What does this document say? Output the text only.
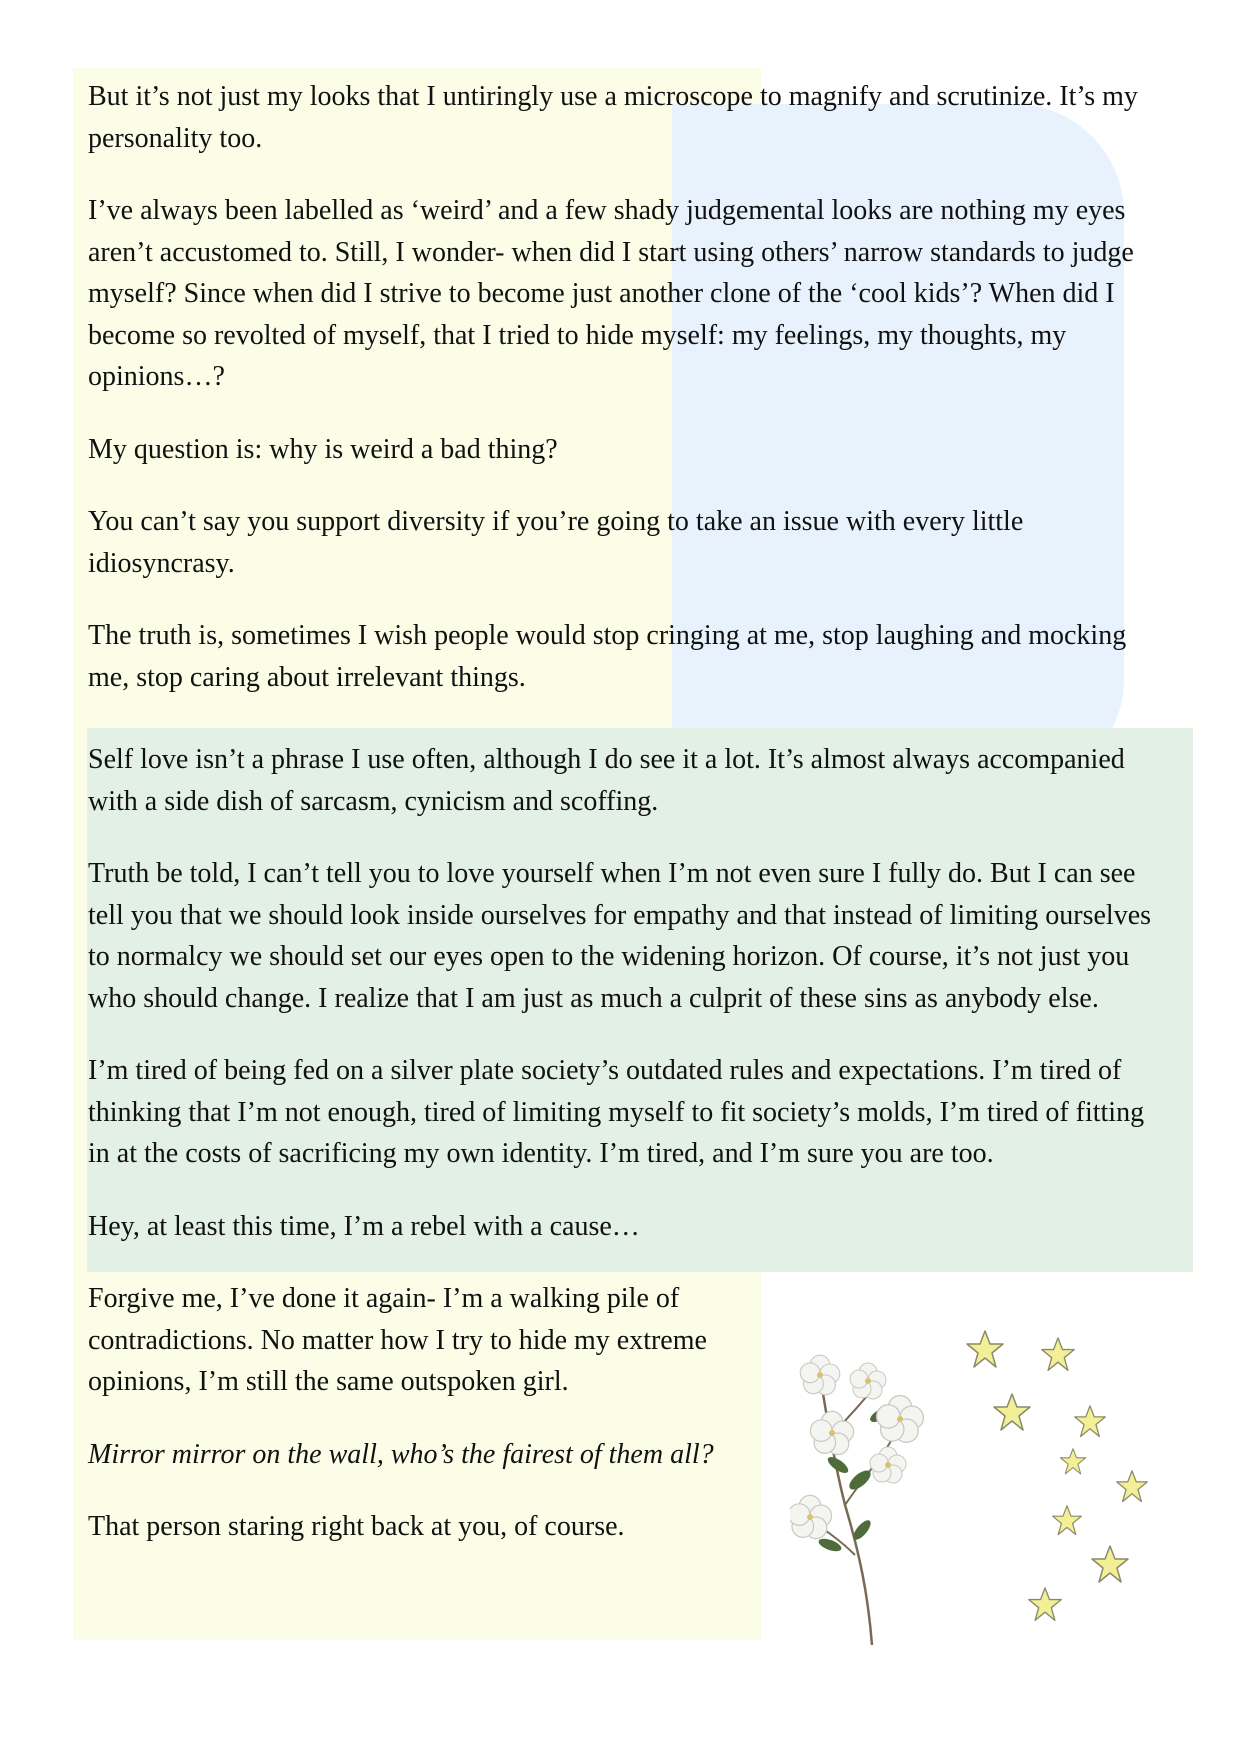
But it’s not just my looks that I untiringly use a microscope to magnify and scrutinize. It’s my personality too.

I’ve always been labelled as ‘weird’ and a few shady judgemental looks are nothing my eyes aren’t accustomed to. Still, I wonder- when did I start using others’ narrow standards to judge myself? Since when did I strive to become just another clone of the ‘cool kids’? When did I become so revolted of myself, that I tried to hide myself: my feelings, my thoughts, my opinions…?

My question is: why is weird a bad thing?

You can’t say you support diversity if you’re going to take an issue with every little idiosyncrasy.

The truth is, sometimes I wish people would stop cringing at me, stop laughing and mocking me, stop caring about irrelevant things.

Self love isn’t a phrase I use often, although I do see it a lot. It’s almost always accompanied with a side dish of sarcasm, cynicism and scoffing.

Truth be told, I can’t tell you to love yourself when I’m not even sure I fully do. But I can see tell you that we should look inside ourselves for empathy and that instead of limiting ourselves to normalcy we should set our eyes open to the widening horizon. Of course, it’s not just you who should change. I realize that I am just as much a culprit of these sins as anybody else.

I’m tired of being fed on a silver plate society’s outdated rules and expectations. I’m tired of thinking that I’m not enough, tired of limiting myself to fit society’s molds, I’m tired of fitting in at the costs of sacrificing my own identity. I’m tired, and I’m sure you are too.

Hey, at least this time, I’m a rebel with a cause…

Forgive me, I’ve done it again- I’m a walking pile of contradictions. No matter how I try to hide my extreme opinions, I’m still the same outspoken girl.

Mirror mirror on the wall, who’s the fairest of them all?

That person staring right back at you, of course.
